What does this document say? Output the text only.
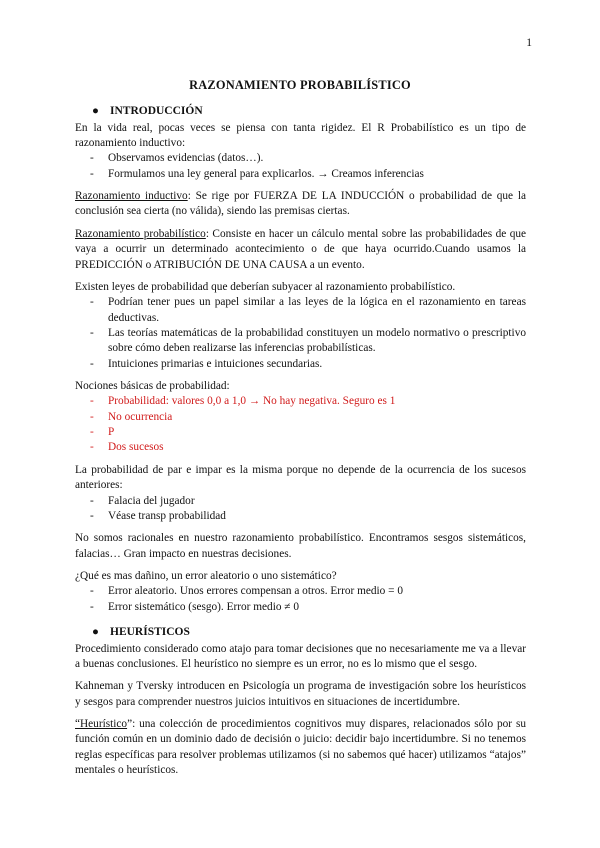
1
RAZONAMIENTO PROBABILÍSTICO
● INTRODUCCIÓN

En la vida real, pocas veces se piensa con tanta rigidez. El R Probabilístico es un tipo de razonamiento inductivo:

- Observamos evidencias (datos…).
- Formulamos una ley general para explicarlos. → Creamos inferencias

Razonamiento inductivo: Se rige por FUERZA DE LA INDUCCIÓN o probabilidad de que la conclusión sea cierta (no válida), siendo las premisas ciertas.

Razonamiento probabilístico: Consiste en hacer un cálculo mental sobre las probabilidades de que vaya a ocurrir un determinado acontecimiento o de que haya ocurrido.Cuando usamos la PREDICCIÓN o ATRIBUCIÓN DE UNA CAUSA a un evento.

Existen leyes de probabilidad que deberían subyacer al razonamiento probabilístico.

- Podrían tener pues un papel similar a las leyes de la lógica en el razonamiento en tareas deductivas.
- Las teorías matemáticas de la probabilidad constituyen un modelo normativo o prescriptivo sobre cómo deben realizarse las inferencias probabilísticas.
- Intuiciones primarias e intuiciones secundarias.

Nociones básicas de probabilidad:

- Probabilidad: valores 0,0 a 1,0 → No hay negativa. Seguro es 1
- No ocurrencia
- P
- Dos sucesos

La probabilidad de par e impar es la misma porque no depende de la ocurrencia de los sucesos anteriores:

- Falacia del jugador
- Véase transp probabilidad

No somos racionales en nuestro razonamiento probabilístico. Encontramos sesgos sistemáticos, falacias… Gran impacto en nuestras decisiones.

¿Qué es mas dañino, un error aleatorio o uno sistemático?

- Error aleatorio. Unos errores compensan a otros. Error medio = 0
- Error sistemático (sesgo). Error medio ≠ 0
● HEURÍSTICOS

Procedimiento considerado como atajo para tomar decisiones que no necesariamente me va a llevar a buenas conclusiones. El heurístico no siempre es un error, no es lo mismo que el sesgo.

Kahneman y Tversky introducen en Psicología un programa de investigación sobre los heurísticos y sesgos para comprender nuestros juicios intuitivos en situaciones de incertidumbre.

“Heurístico”: una colección de procedimientos cognitivos muy dispares, relacionados sólo por su función común en un dominio dado de decisión o juicio: decidir bajo incertidumbre. Si no tenemos reglas específicas para resolver problemas utilizamos (si no sabemos qué hacer) utilizamos “atajos” mentales o heurísticos.
